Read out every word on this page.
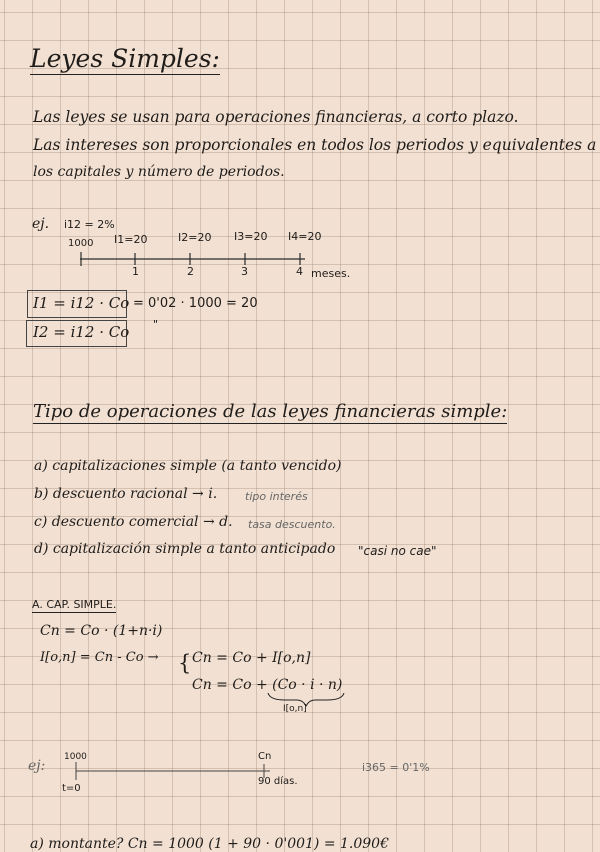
Leyes Simples:
Las leyes se usan para operaciones financieras, a corto plazo.
Las intereses son proporcionales en todos los periodos y equivalentes a
los capitales y número de periodos.
ej. i12 = 2%
1000 I1=20	I2=20 I3=20 I4=20
1	2	3	4 meses.
I1 = i12 · Co = 0'02 · 1000 = 20
I2 = i12 · Co "
Tipo de operaciones de las leyes financieras simple:
a) capitalizaciones simple (a tanto vencido)
b) descuento racional → i.	tipo interés
c) descuento comercial → d. tasa descuento.
d) capitalización simple a tanto anticipado "casi no cae"
A. CAP. SIMPLE.
Cn = Co · (1+n·i)
I[o,n] = Cn - Co → { Cn = Co + I[o,n]
Cn = Co + (Co · i · n)
I[o,n]
ej:
1000
t=0
Cn
90 días.
i365 = 0'1%
a) montante? Cn = 1000 (1 + 90 · 0'001) = 1.090€
